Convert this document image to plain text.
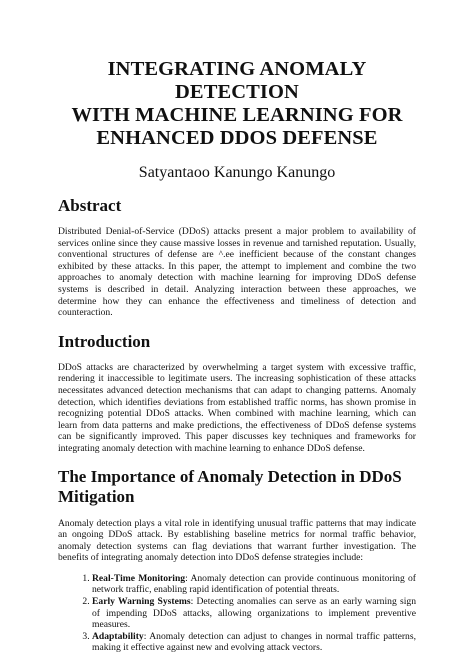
INTEGRATING ANOMALY DETECTION
WITH MACHINE LEARNING FOR
ENHANCED DDOS DEFENSE
Satyantaoo Kanungo Kanungo
Abstract

Distributed Denial-of-Service (DDoS) attacks present a major problem to availability of services online since they cause massive losses in revenue and tarnished reputation. Usually, conventional structures of defense are ^.ee inefficient because of the constant changes exhibited by these attacks. In this paper, the attempt to implement and combine the two approaches to anomaly detection with machine learning for improving DDoS defense systems is described in detail. Analyzing interaction between these approaches, we determine how they can enhance the effectiveness and timeliness of detection and counteraction.

Introduction

DDoS attacks are characterized by overwhelming a target system with excessive traffic, rendering it inaccessible to legitimate users. The increasing sophistication of these attacks necessitates advanced detection mechanisms that can adapt to changing patterns. Anomaly detection, which identifies deviations from established traffic norms, has shown promise in recognizing potential DDoS attacks. When combined with machine learning, which can learn from data patterns and make predictions, the effectiveness of DDoS defense systems can be significantly improved. This paper discusses key techniques and frameworks for integrating anomaly detection with machine learning to enhance DDoS defense.

The Importance of Anomaly Detection in DDoS Mitigation

Anomaly detection plays a vital role in identifying unusual traffic patterns that may indicate an ongoing DDoS attack. By establishing baseline metrics for normal traffic behavior, anomaly detection systems can flag deviations that warrant further investigation. The benefits of integrating anomaly detection into DDoS defense strategies include:

1. Real-Time Monitoring: Anomaly detection can provide continuous monitoring of network traffic, enabling rapid identification of potential threats.
2. Early Warning Systems: Detecting anomalies can serve as an early warning sign of impending DDoS attacks, allowing organizations to implement preventive measures.
3. Adaptability: Anomaly detection can adjust to changes in normal traffic patterns, making it effective against new and evolving attack vectors.
